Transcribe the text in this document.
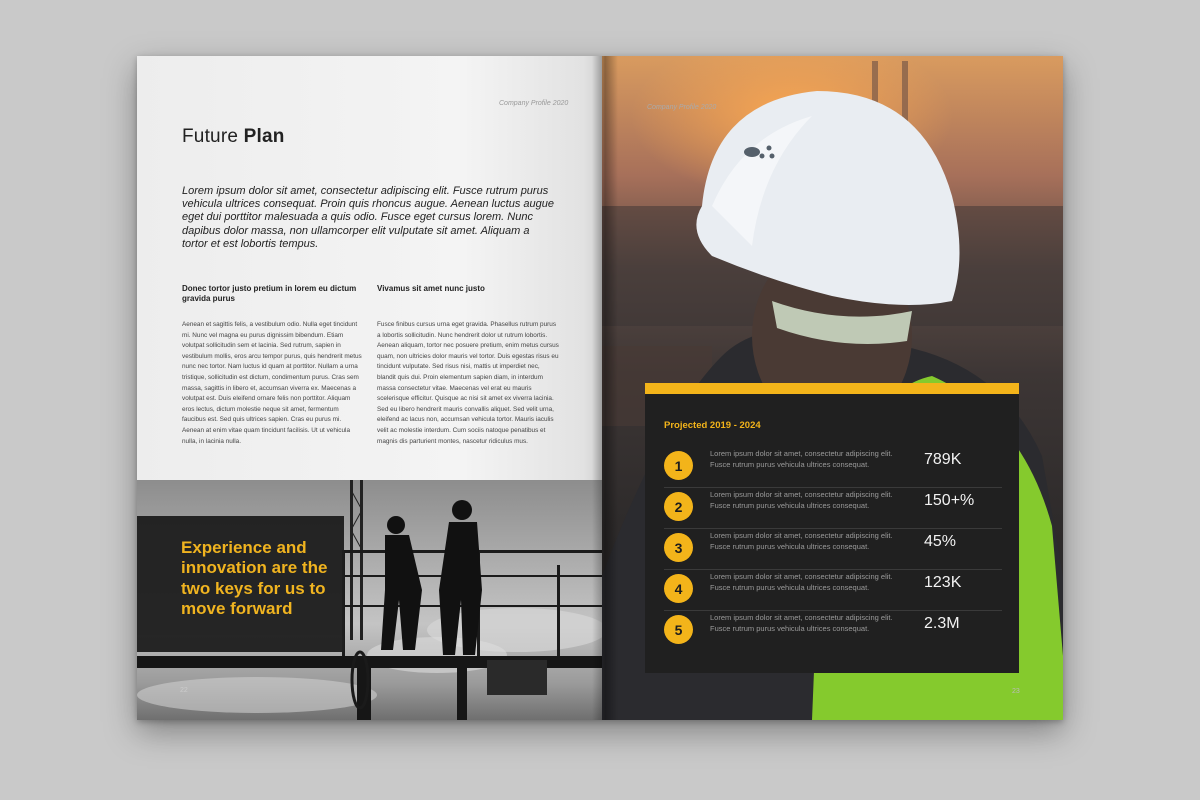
Company Profile 2020
Future Plan
Lorem ipsum dolor sit amet, consectetur adipiscing elit. Fusce rutrum purus vehicula ultrices consequat. Proin quis rhoncus augue. Aenean luctus augue eget dui porttitor malesuada a quis odio. Fusce eget cursus lorem. Nunc dapibus dolor massa, non ullamcorper elit vulputate sit amet. Aliquam a tortor et est lobortis tempus.
Donec tortor justo pretium in lorem eu dictum gravida purus

Aenean et sagittis felis, a vestibulum odio. Nulla eget tincidunt mi. Nunc vel magna eu purus dignissim bibendum. Etiam volutpat sollicitudin sem et lacinia. Sed rutrum, sapien in vestibulum mollis, eros arcu tempor purus, quis hendrerit metus nunc nec tortor. Nam luctus id quam at porttitor. Nullam a urna tristique, sollicitudin est dictum, condimentum purus. Cras sem massa, sagittis in libero et, accumsan viverra ex. Maecenas a volutpat est. Duis eleifend ornare felis non porttitor. Aliquam eros lectus, dictum molestie neque sit amet, fermentum faucibus est. Sed quis ultrices sapien. Cras eu purus mi. Aenean at enim vitae quam tincidunt facilisis. Ut ut vehicula nulla, in lacinia nulla.

Vivamus sit amet nunc justo

Fusce finibus cursus urna eget gravida. Phasellus rutrum purus a lobortis sollicitudin. Nunc hendrerit dolor ut rutrum lobortis. Aenean aliquam, tortor nec posuere pretium, enim metus cursus quam, non ultricies dolor mauris vel tortor. Duis egestas risus eu tincidunt vulputate. Sed risus nisi, mattis ut imperdiet nec, blandit quis dui. Proin elementum sapien diam, in interdum massa consectetur vitae. Maecenas vel erat eu mauris scelerisque efficitur. Quisque ac nisi sit amet ex viverra lacinia. Sed eu libero hendrerit mauris convallis aliquet. Sed velit urna, eleifend ac lacus non, accumsan vehicula tortor. Mauris iaculis velit ac molestie interdum. Cum sociis natoque penatibus et magnis dis parturient montes, nascetur ridiculus mus.

Experience and innovation are the two keys for us to move forward
22
Company Profile 2020
Projected 2019 - 2024
1
Lorem ipsum dolor sit amet, consectetur adipiscing elit. Fusce rutrum purus vehicula ultrices consequat.	789K
2
Lorem ipsum dolor sit amet, consectetur adipiscing elit. Fusce rutrum purus vehicula ultrices consequat.	150+%
3
Lorem ipsum dolor sit amet, consectetur adipiscing elit. Fusce rutrum purus vehicula ultrices consequat.	45%
4
Lorem ipsum dolor sit amet, consectetur adipiscing elit. Fusce rutrum purus vehicula ultrices consequat.	123K
5
Lorem ipsum dolor sit amet, consectetur adipiscing elit. Fusce rutrum purus vehicula ultrices consequat.	2.3M
23
